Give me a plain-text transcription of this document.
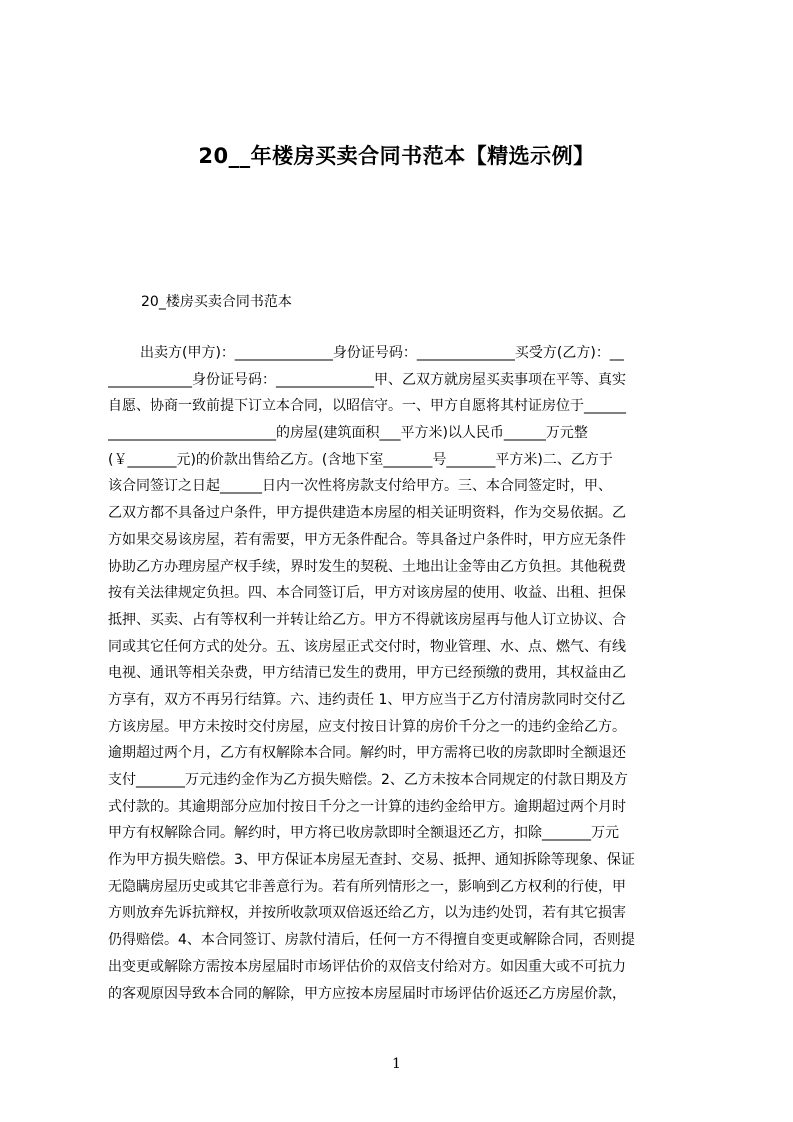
20__年楼房买卖合同书范本【精选示例】
20_楼房买卖合同书范本
出卖方(甲方)：______________身份证号码：______________买受方(乙方)：__
____________身份证号码：______________甲、乙双方就房屋买卖事项在平等、真实
自愿、协商一致前提下订立本合同，以昭信守。一、甲方自愿将其村证房位于______
________________________的房屋(建筑面积___平方米)以人民币______万元整
(￥_______元)的价款出售给乙方。(含地下室_______号_______平方米)二、乙方于
该合同签订之日起______日内一次性将房款支付给甲方。三、本合同签定时，甲、
乙双方都不具备过户条件，甲方提供建造本房屋的相关证明资料，作为交易依据。乙
方如果交易该房屋，若有需要，甲方无条件配合。等具备过户条件时，甲方应无条件
协助乙方办理房屋产权手续，界时发生的契税、土地出让金等由乙方负担。其他税费
按有关法律规定负担。四、本合同签订后，甲方对该房屋的使用、收益、出租、担保
抵押、买卖、占有等权利一并转让给乙方。甲方不得就该房屋再与他人订立协议、合
同或其它任何方式的处分。五、该房屋正式交付时，物业管理、水、点、燃气、有线
电视、通讯等相关杂费，甲方结清已发生的费用，甲方已经预缴的费用，其权益由乙
方享有，双方不再另行结算。六、违约责任 1、甲方应当于乙方付清房款同时交付乙
方该房屋。甲方未按时交付房屋，应支付按日计算的房价千分之一的违约金给乙方。
逾期超过两个月，乙方有权解除本合同。解约时，甲方需将已收的房款即时全额退还
支付_______万元违约金作为乙方损失赔偿。2、乙方未按本合同规定的付款日期及方
式付款的。其逾期部分应加付按日千分之一计算的违约金给甲方。逾期超过两个月时
甲方有权解除合同。解约时，甲方将已收房款即时全额退还乙方，扣除_______万元
作为甲方损失赔偿。3、甲方保证本房屋无查封、交易、抵押、通知拆除等现象、保证
无隐瞒房屋历史或其它非善意行为。若有所列情形之一，影响到乙方权利的行使，甲
方则放弃先诉抗辩权，并按所收款项双倍返还给乙方，以为违约处罚，若有其它损害
仍得赔偿。4、本合同签订、房款付清后，任何一方不得擅自变更或解除合同，否则提
出变更或解除方需按本房屋届时市场评估价的双倍支付给对方。如因重大或不可抗力
的客观原因导致本合同的解除，甲方应按本房屋届时市场评估价返还乙方房屋价款，
1
